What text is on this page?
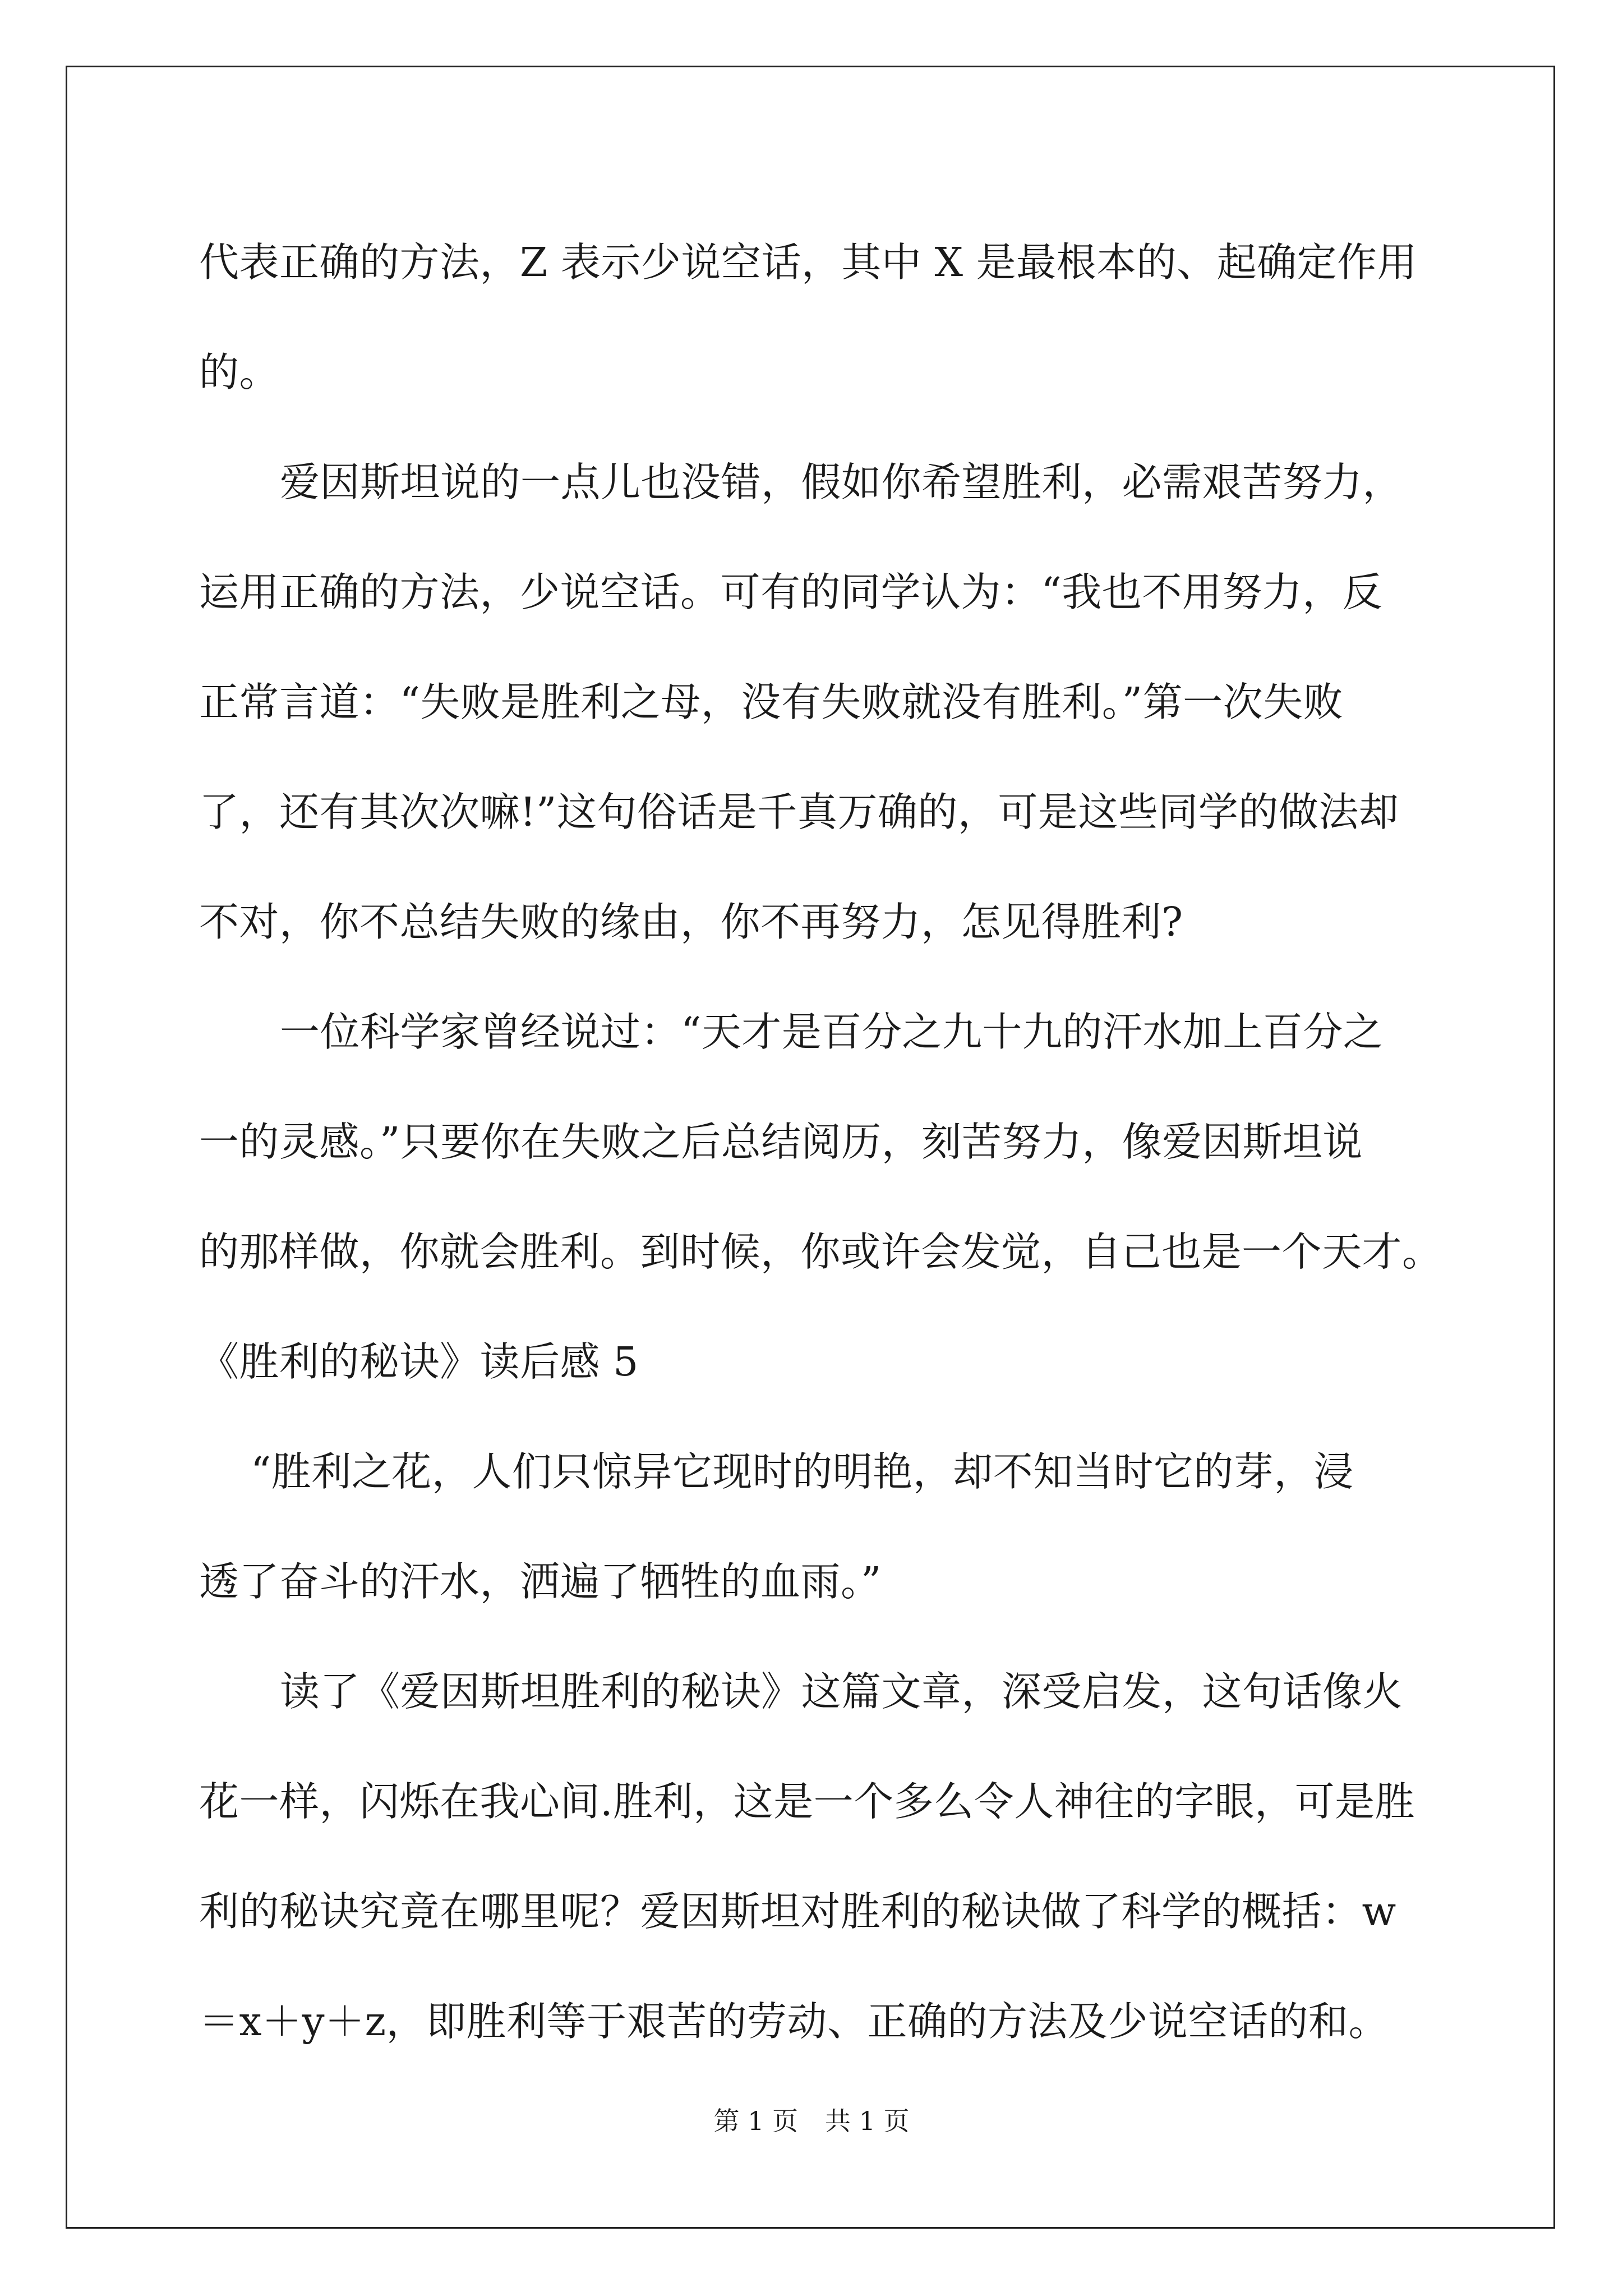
代表正确的方法，Z 表示少说空话，其中 X 是最根本的、起确定作用
的。
爱因斯坦说的一点儿也没错，假如你希望胜利，必需艰苦努力，
运用正确的方法，少说空话。可有的同学认为：“我也不用努力，反
正常言道：“失败是胜利之母，没有失败就没有胜利。”第一次失败
了，还有其次次嘛!”这句俗话是千真万确的，可是这些同学的做法却
不对，你不总结失败的缘由，你不再努力，怎见得胜利?
一位科学家曾经说过：“天才是百分之九十九的汗水加上百分之
一的灵感。”只要你在失败之后总结阅历，刻苦努力，像爱因斯坦说
的那样做，你就会胜利。到时候，你或许会发觉，自己也是一个天才。
《胜利的秘诀》读后感 5
“胜利之花，人们只惊异它现时的明艳，却不知当时它的芽，浸
透了奋斗的汗水，洒遍了牺牲的血雨。”
读了《爱因斯坦胜利的秘诀》这篇文章，深受启发，这句话像火
花一样，闪烁在我心间.胜利，这是一个多么令人神往的字眼，可是胜
利的秘诀究竟在哪里呢？爱因斯坦对胜利的秘诀做了科学的概括：w
＝x＋y＋z，即胜利等于艰苦的劳动、正确的方法及少说空话的和。
第 1 页 共 1 页
